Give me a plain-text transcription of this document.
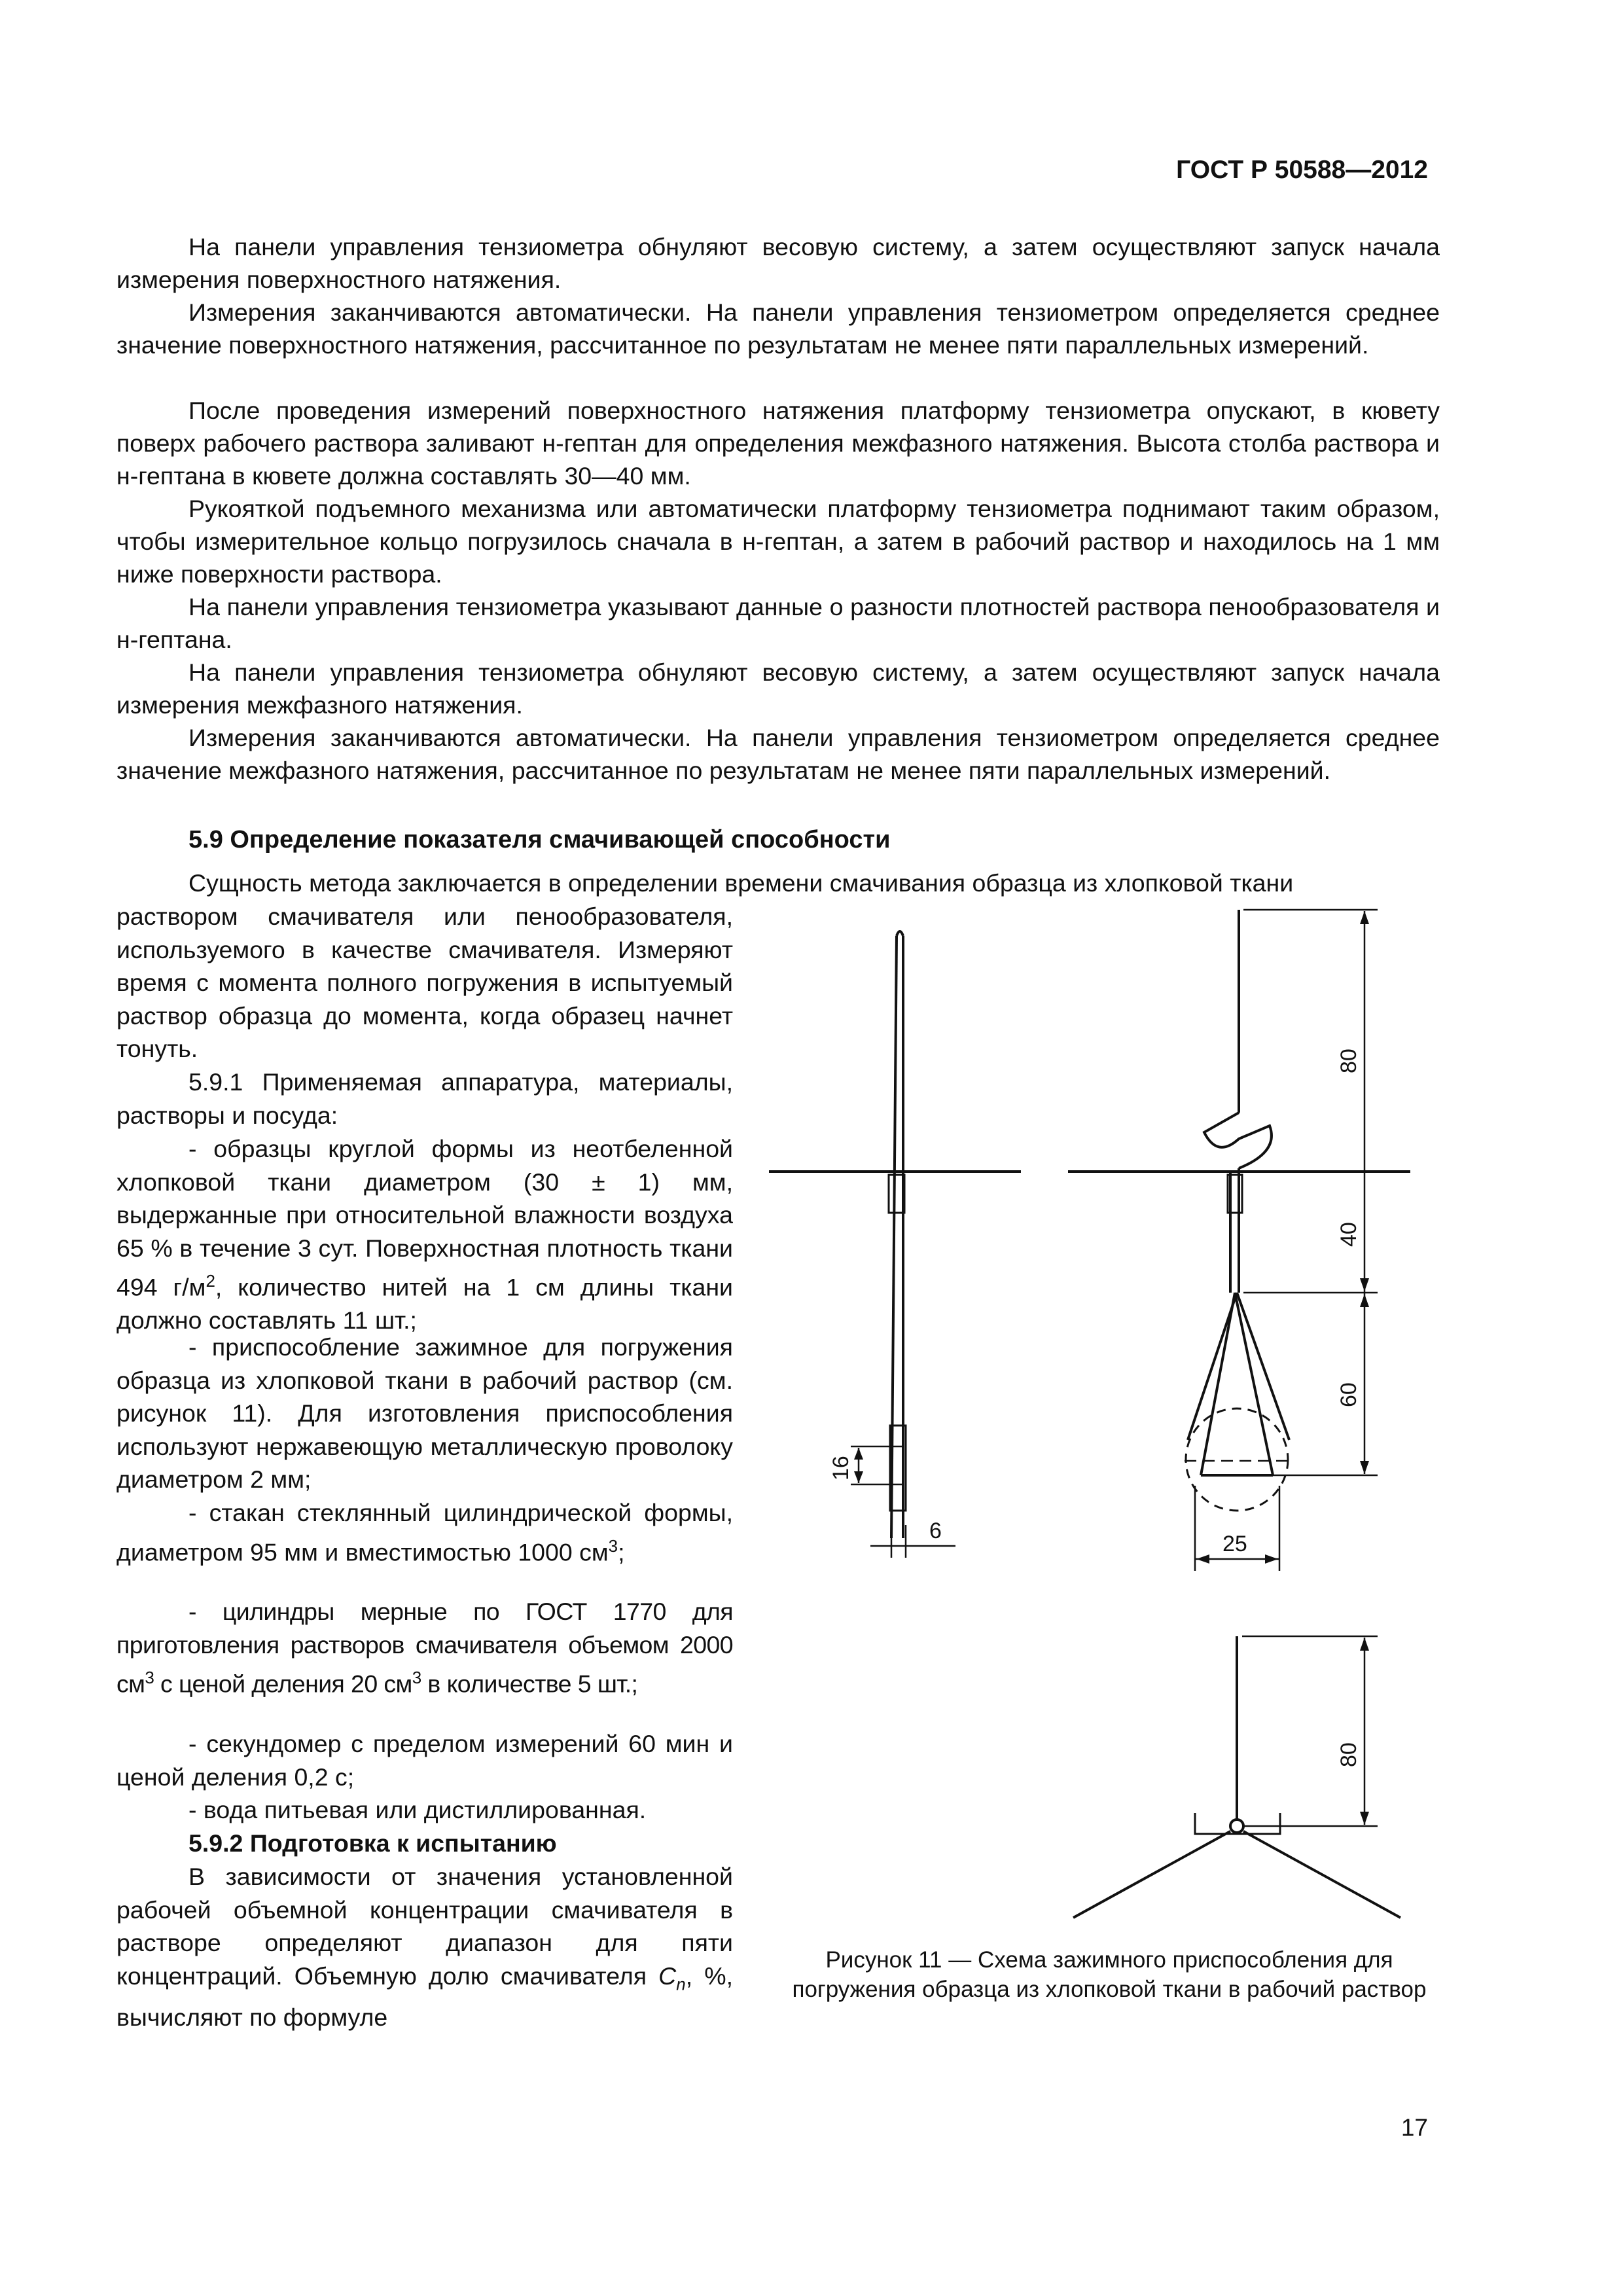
ГОСТ Р 50588—2012

На панели управления тензиометра обнуляют весовую систему, а затем осуществляют запуск начала измерения поверхностного натяжения.

Измерения заканчиваются автоматически. На панели управления тензиометром определяется среднее значение поверхностного натяжения, рассчитанное по результатам не менее пяти параллельных измерений.

После проведения измерений поверхностного натяжения платформу тензиометра опускают, в кювету поверх рабочего раствора заливают н-гептан для определения межфазного натяжения. Высота столба раствора и н-гептана в кювете должна составлять 30—40 мм.

Рукояткой подъемного механизма или автоматически платформу тензиометра поднимают таким образом, чтобы измерительное кольцо погрузилось сначала в н-гептан, а затем в рабочий раствор и находилось на 1 мм ниже поверхности раствора.

На панели управления тензиометра указывают данные о разности плотностей раствора пенообразователя и н-гептана.

На панели управления тензиометра обнуляют весовую систему, а затем осуществляют запуск начала измерения межфазного натяжения.

Измерения заканчиваются автоматически. На панели управления тензиометром определяется среднее значение межфазного натяжения, рассчитанное по результатам не менее пяти параллельных измерений.

5.9 Определение показателя смачивающей способности

Сущность метода заключается в определении времени смачивания образца из хлопковой ткани

раствором смачивателя или пенообразователя, используемого в качестве смачивателя. Измеряют время с момента полного погружения в испытуемый раствор образца до момента, когда образец начнет тонуть.

5.9.1 Применяемая аппаратура, материалы, растворы и посуда:

- образцы круглой формы из неотбеленной хлопковой ткани диаметром (30 ± 1) мм, выдержанные при относительной влажности воздуха 65 % в течение 3 сут. Поверхностная плотность ткани 494 $г/м^2$, количество нитей на 1 см длины ткани должно составлять 11 шт.;

- приспособление зажимное для погружения образца из хлопковой ткани в рабочий раствор (см. рисунок 11). Для изготовления приспособления используют нержавеющую металлическую проволоку диаметром 2 мм;

- стакан стеклянный цилиндрической формы, диаметром 95 мм и вместимостью 1000 $см^3$;

- цилиндры мерные по ГОСТ 1770 для приготовления растворов смачивателя объемом 2000 $см^3$ с ценой деления 20 $см^3$ в количестве 5 шт.;

- секундомер с пределом измерений 60 мин и ценой деления 0,2 с;

- вода питьевая или дистиллированная.

5.9.2 Подготовка к испытанию

В зависимости от значения установленной рабочей объемной концентрации смачивателя в растворе определяют диапазон для пяти концентраций. Объемную долю смачивателя $C_n$, %, вычисляют по формуле

80
40
60
16
6
25
80
Рисунок 11 — Схема зажимного приспособления для погружения образца из хлопковой ткани в рабочий раствор
17
